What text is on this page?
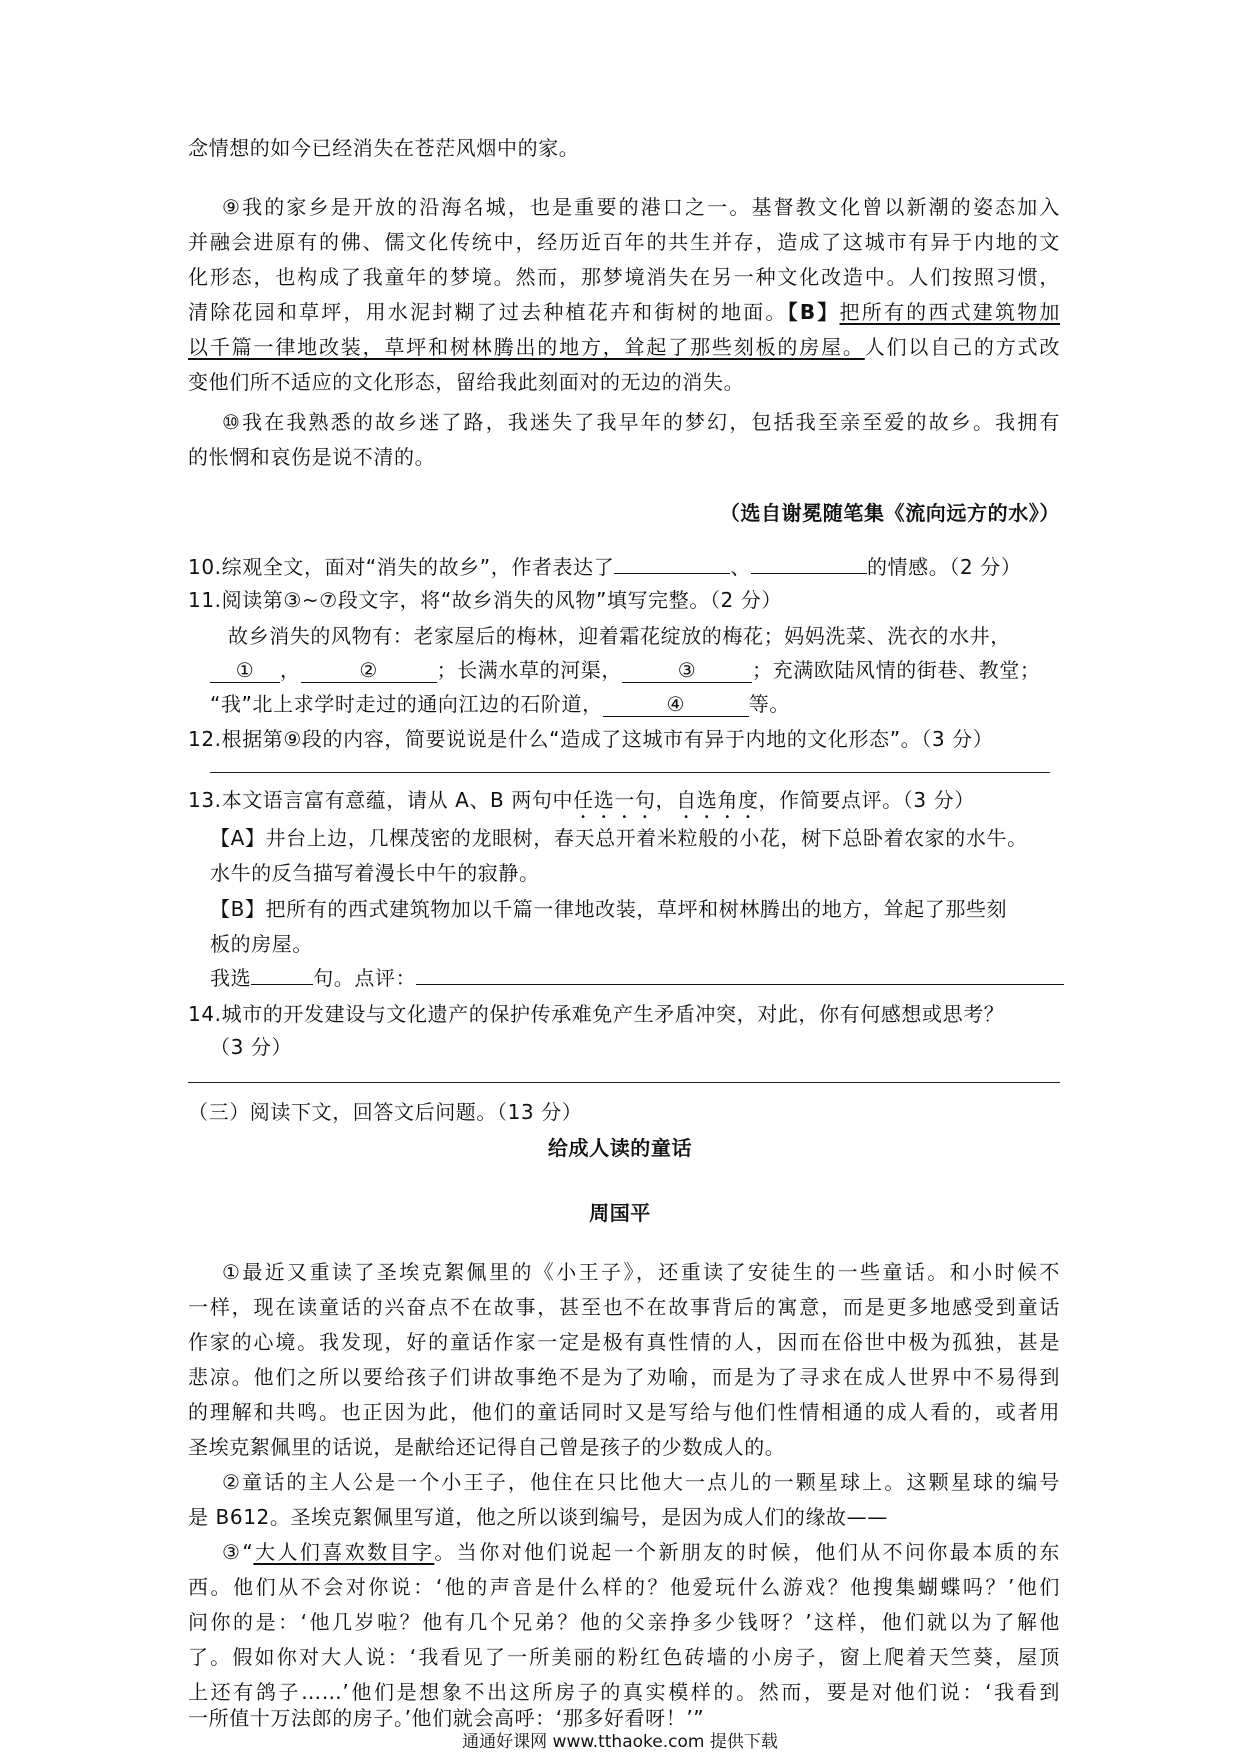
念情想的如今已经消失在苍茫风烟中的家。
⑨我的家乡是开放的沿海名城，也是重要的港口之一。基督教文化曾以新潮的姿态加入
并融会进原有的佛、儒文化传统中，经历近百年的共生并存，造成了这城市有异于内地的文
化形态，也构成了我童年的梦境。然而，那梦境消失在另一种文化改造中。人们按照习惯，
清除花园和草坪，用水泥封糊了过去种植花卉和街树的地面。【B】把所有的西式建筑物加
以千篇一律地改装，草坪和树林腾出的地方，耸起了那些刻板的房屋。人们以自己的方式改
变他们所不适应的文化形态，留给我此刻面对的无边的消失。
⑩我在我熟悉的故乡迷了路，我迷失了我早年的梦幻，包括我至亲至爱的故乡。我拥有
的怅惘和哀伤是说不清的。
（选自谢冕随笔集《流向远方的水》）
10.综观全文，面对“消失的故乡”，作者表达了	、	的情感。（2 分）
11.阅读第③~⑦段文字，将“故乡消失的风物”填写完整。（2 分）
故乡消失的风物有：老家屋后的梅林，迎着霜花绽放的梅花；妈妈洗菜、洗衣的水井，
① ，	②	；长满水草的河渠，	③	；充满欧陆风情的街巷、教堂；
“我”北上求学时走过的通向江边的石阶道，	④	等。
12.根据第⑨段的内容，简要说说是什么“造成了这城市有异于内地的文化形态”。（3 分）
13.本文语言富有意蕴，请从 A、B 两句中任选一句，自选角度，作简要点评。（3 分）
【A】井台上边，几棵茂密的龙眼树，春天总开着米粒般的小花，树下总卧着农家的水牛。
水牛的反刍描写着漫长中午的寂静。
【B】把所有的西式建筑物加以千篇一律地改装，草坪和树林腾出的地方，耸起了那些刻
板的房屋。
我选	句。点评：
14.城市的开发建设与文化遗产的保护传承难免产生矛盾冲突，对此，你有何感想或思考？
（3 分）
（三）阅读下文，回答文后问题。（13 分）
给成人读的童话
周国平
①最近又重读了圣埃克絮佩里的《小王子》，还重读了安徒生的一些童话。和小时候不
一样，现在读童话的兴奋点不在故事，甚至也不在故事背后的寓意，而是更多地感受到童话
作家的心境。我发现，好的童话作家一定是极有真性情的人，因而在俗世中极为孤独，甚是
悲凉。他们之所以要给孩子们讲故事绝不是为了劝喻，而是为了寻求在成人世界中不易得到
的理解和共鸣。也正因为此，他们的童话同时又是写给与他们性情相通的成人看的，或者用
圣埃克絮佩里的话说，是献给还记得自己曾是孩子的少数成人的。
②童话的主人公是一个小王子，他住在只比他大一点儿的一颗星球上。这颗星球的编号
是 B612。圣埃克絮佩里写道，他之所以谈到编号，是因为成人们的缘故——
③“大人们喜欢数目字。当你对他们说起一个新朋友的时候，他们从不问你最本质的东
西。他们从不会对你说：‘他的声音是什么样的？他爱玩什么游戏？他搜集蝴蝶吗？’他们
问你的是：‘他几岁啦？他有几个兄弟？他的父亲挣多少钱呀？’这样，他们就以为了解他
了。假如你对大人说：‘我看见了一所美丽的粉红色砖墙的小房子，窗上爬着天竺葵，屋顶
上还有鸽子……’他们是想象不出这所房子的真实模样的。然而，要是对他们说：‘我看到
一所值十万法郎的房子。’他们就会高呼：‘那多好看呀！’”
通通好课网 www.tthaoke.com 提供下载
